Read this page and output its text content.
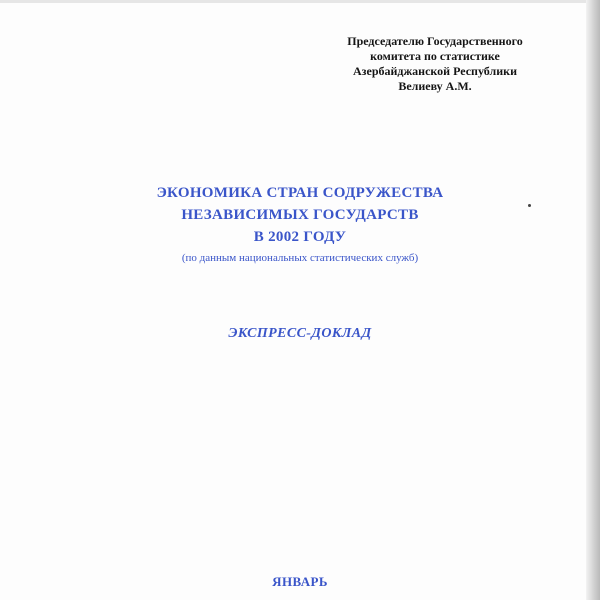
Председателю Государственного
комитета по статистике
Азербайджанской Республики
Велиеву А.М.
ЭКОНОМИКА СТРАН СОДРУЖЕСТВА
НЕЗАВИСИМЫХ ГОСУДАРСТВ
В 2002 ГОДУ
(по данным национальных статистических служб)
ЭКСПРЕСС-ДОКЛАД
ЯНВАРЬ
